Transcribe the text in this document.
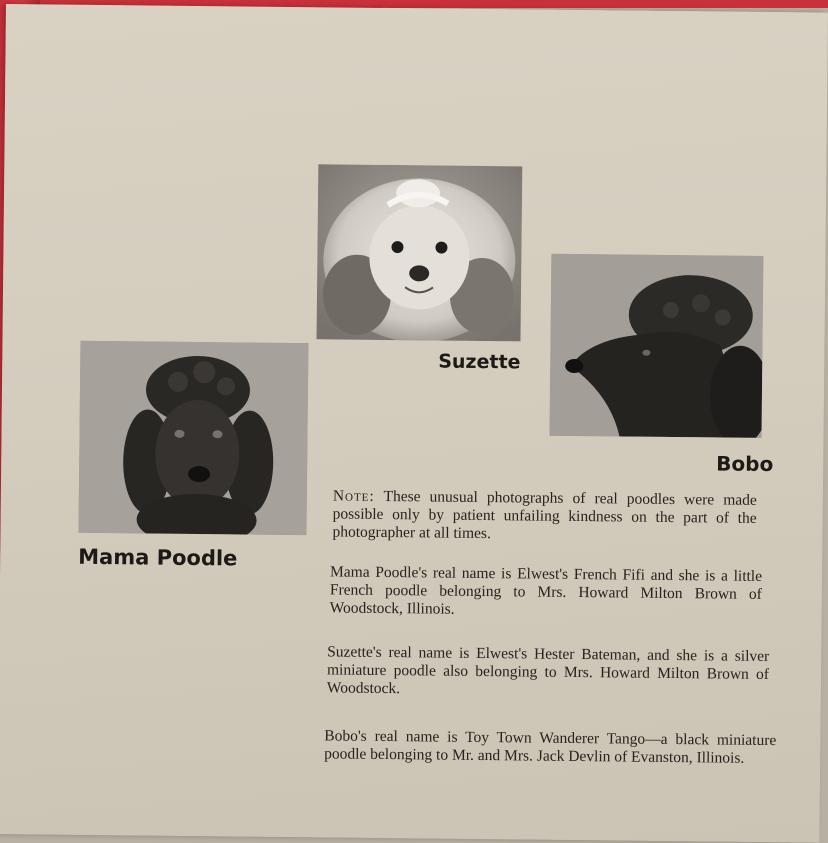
Suzette
Bobo
Mama Poodle
Note: These unusual photographs of real poodles were made possible only by patient unfailing kindness on the part of the photographer at all times.
Mama Poodle's real name is Elwest's French Fifi and she is a little French poodle belonging to Mrs. Howard Milton Brown of Woodstock, Illinois.
Suzette's real name is Elwest's Hester Bateman, and she is a silver miniature poodle also belonging to Mrs. Howard Milton Brown of Woodstock.
Bobo's real name is Toy Town Wanderer Tango—a black miniature poodle belonging to Mr. and Mrs. Jack Devlin of Evanston, Illinois.
